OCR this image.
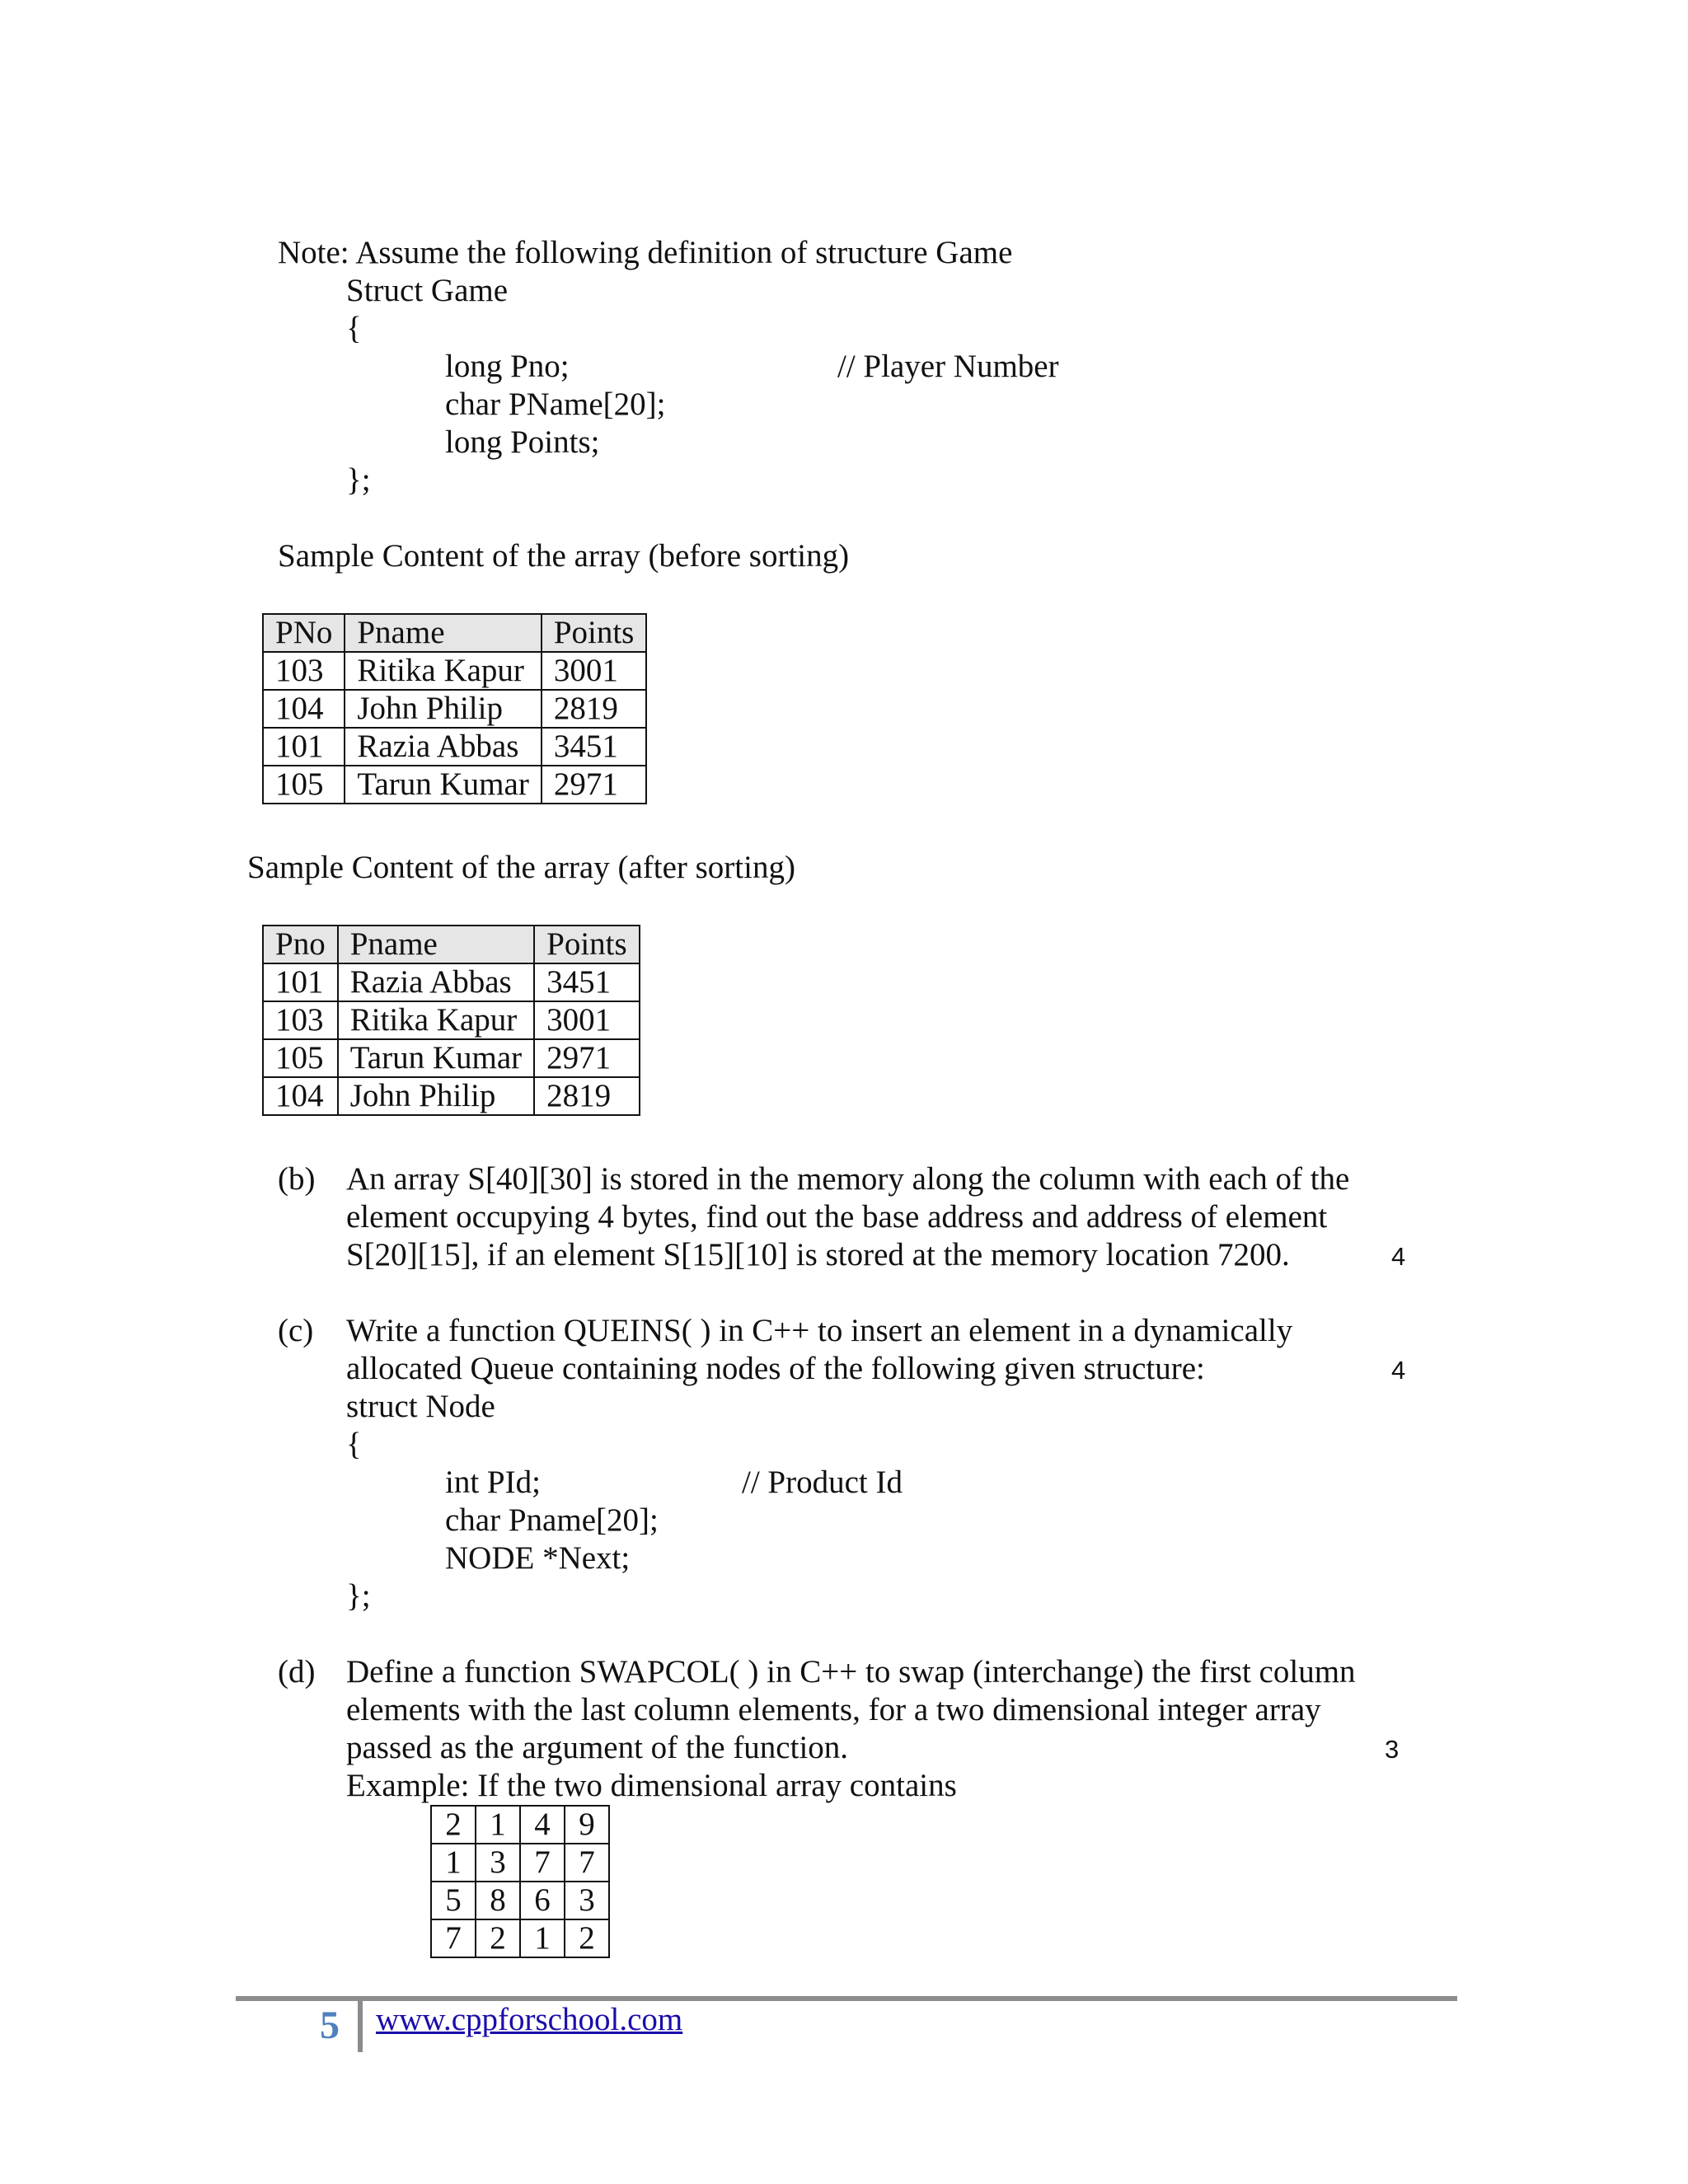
Note: Assume the following definition of structure Game
Struct Game
{
long Pno;	// Player Number
char PName[20];
long Points;
};
Sample Content of the array (before sorting)
PNo	Pname	Points
103	Ritika Kapur	3001
104	John Philip	2819
101	Razia Abbas	3451
105	Tarun Kumar	2971
Sample Content of the array (after sorting)
Pno	Pname	Points
101	Razia Abbas	3451
103	Ritika Kapur	3001
105	Tarun Kumar	2971
104	John Philip	2819
(b) An array S[40][30] is stored in the memory along the column with each of the
element occupying 4 bytes, find out the base address and address of element
S[20][15], if an element S[15][10] is stored at the memory location 7200.	4
(c) Write a function QUEINS( ) in C++ to insert an element in a dynamically
allocated Queue containing nodes of the following given structure:	4
struct Node
{
int PId;	// Product Id
char Pname[20];
NODE *Next;
};
(d) Define a function SWAPCOL( ) in C++ to swap (interchange) the first column
elements with the last column elements, for a two dimensional integer array
passed as the argument of the function.	3
Example: If the two dimensional array contains
2	1	4	9
1	3	7	7
5	8	6	3
7	2	1	2
5 www.cppforschool.com
